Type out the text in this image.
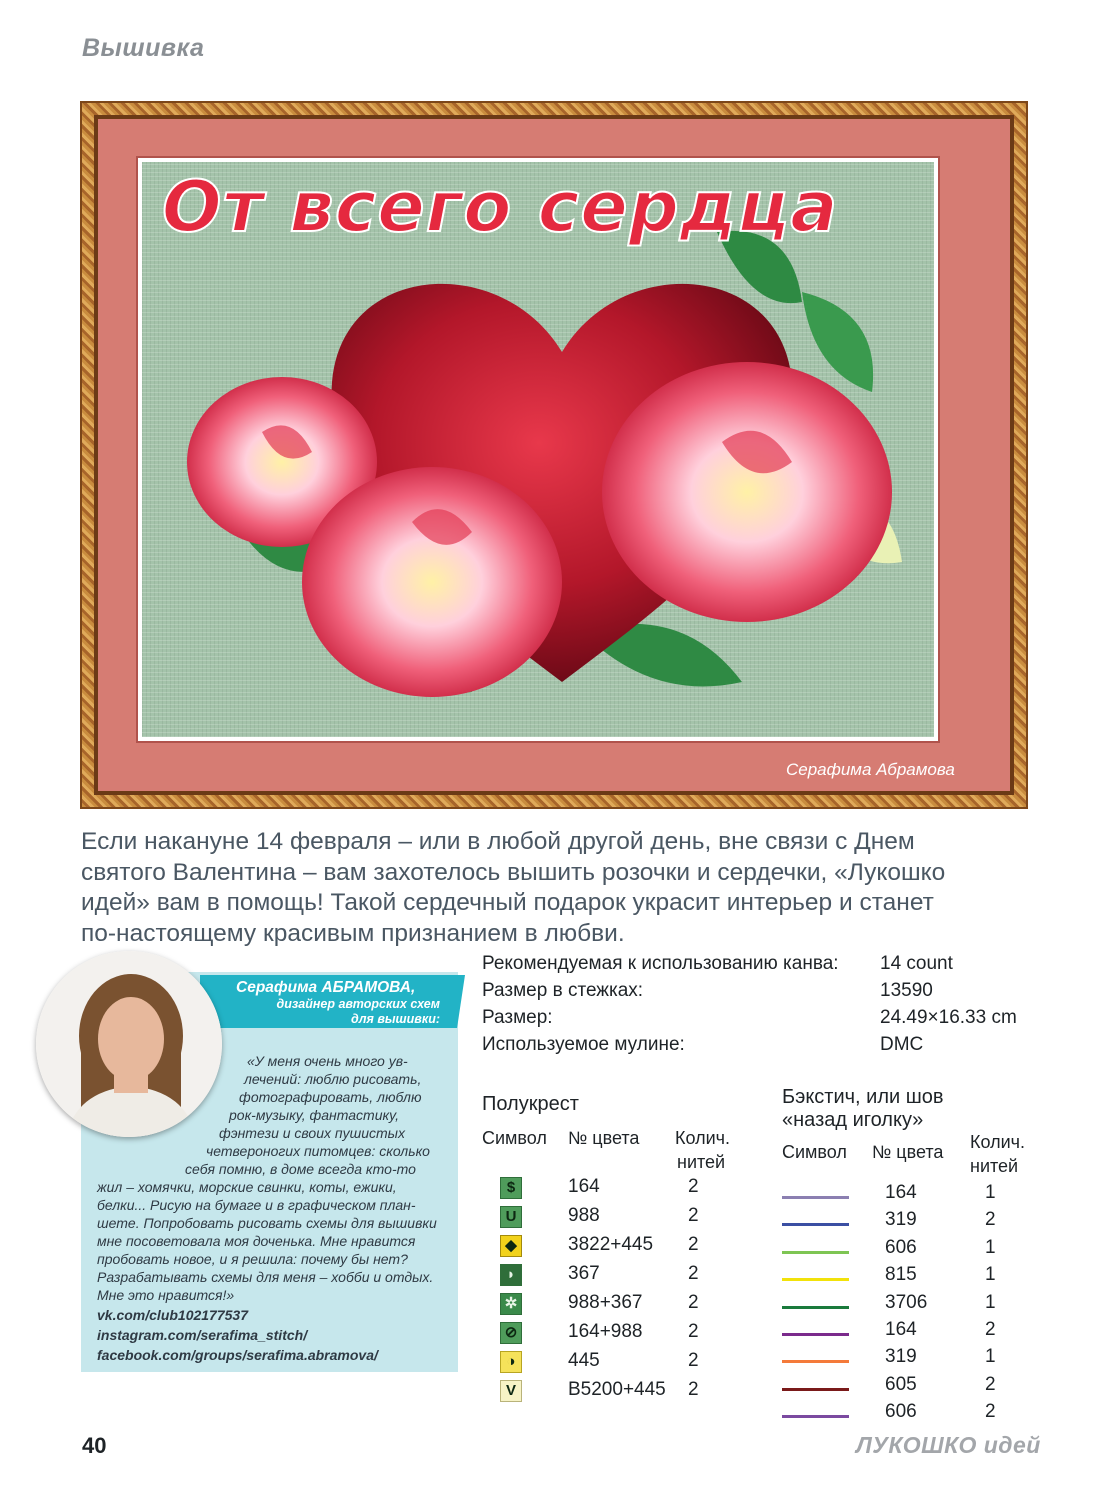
Вышивка
От всего сердца
Серафима Абрамова
Если накануне 14 февраля – или в любой другой день, вне связи с Днем
святого Валентина – вам захотелось вышить розочки и сердечки, «Лукошко
идей» вам в помощь! Такой сердечный подарок украсит интерьер и станет
по-настоящему красивым признанием в любви.
Серафима АБРАМОВА,
дизайнер авторских схем
для вышивки:
«У меня очень много ув-
лечений: люблю рисовать,
фотографировать, люблю
рок-музыку, фантастику,
фэнтези и своих пушистых
четвероногих питомцев: сколько
себя помню, в доме всегда кто-то
жил – хомячки, морские свинки, коты, ежики,
белки... Рисую на бумаге и в графическом план-
шете. Попробовать рисовать схемы для вышивки
мне посоветовала моя доченька. Мне нравится
пробовать новое, и я решила: почему бы нет?
Разрабатывать схемы для меня – хобби и отдых.
Мне это нравится!»
vk.com/club102177537
instagram.com/serafima_stitch/
facebook.com/groups/serafima.abramova/
Рекомендуемая к использованию канва: 14 count
Размер в стежках:	13590
Размер:	24.49×16.33 cm
Используемое мулине:	DMC
Полукрест
Символ № цвета Колич.
нитей
$	164	2
U	988	2
◆	3822+445 2
◗	367	2
✲	988+367 2
⊘	164+988 2
◑	445	2
V	B5200+445 2
Бэкстич, или шов
«назад иголку»
Символ № цвета Колич.
нитей
164	1
319	2
606	1
815	1
3706	1
164	2
319	1
605	2
606	2
40	ЛУКОШКО идей
